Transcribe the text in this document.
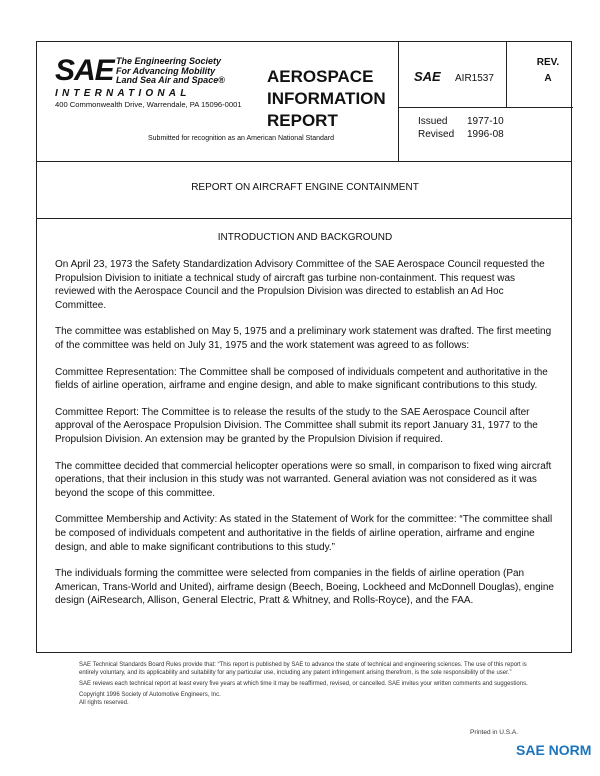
SAE The Engineering Society
For Advancing Mobility
Land Sea Air and Space®
INTERNATIONAL
400 Commonwealth Drive, Warrendale, PA 15096-0001
AEROSPACE
INFORMATION
REPORT
Submitted for recognition as an American National Standard
SAE AIR1537
REV.
A
Issued 1977-10
Revised 1996-08
REPORT ON AIRCRAFT ENGINE CONTAINMENT
INTRODUCTION AND BACKGROUND

On April 23, 1973 the Safety Standardization Advisory Committee of the SAE Aerospace Council requested the Propulsion Division to initiate a technical study of aircraft gas turbine non-containment. This request was reviewed with the Aerospace Council and the Propulsion Division was directed to establish an Ad Hoc Committee.

The committee was established on May 5, 1975 and a preliminary work statement was drafted. The first meeting of the committee was held on July 31, 1975 and the work statement was agreed to as follows:

Committee Representation: The Committee shall be composed of individuals competent and authoritative in the fields of airline operation, airframe and engine design, and able to make significant contributions to this study.

Committee Report: The Committee is to release the results of the study to the SAE Aerospace Council after approval of the Aerospace Propulsion Division. The Committee shall submit its report January 31, 1977 to the Propulsion Division. An extension may be granted by the Propulsion Division if required.

The committee decided that commercial helicopter operations were so small, in comparison to fixed wing aircraft operations, that their inclusion in this study was not warranted. General aviation was not considered as it was beyond the scope of this committee.

Committee Membership and Activity: As stated in the Statement of Work for the committee: “The committee shall be composed of individuals competent and authoritative in the fields of airline operation, airframe and engine design, and able to make significant contributions to this study.”

The individuals forming the committee were selected from companies in the fields of airline operation (Pan American, Trans-World and United), airframe design (Beech, Boeing, Lockheed and McDonnell Douglas), engine design (AiResearch, Allison, General Electric, Pratt & Whitney, and Rolls-Royce), and the FAA.

SAE Technical Standards Board Rules provide that: “This report is published by SAE to advance the state of technical and engineering sciences. The use of this report is entirely voluntary, and its applicability and suitability for any particular use, including any patent infringement arising therefrom, is the sole responsibility of the user.”

SAE reviews each technical report at least every five years at which time it may be reaffirmed, revised, or cancelled. SAE invites your written comments and suggestions.

Copyright 1996 Society of Automotive Engineers, Inc.
All rights reserved.
Printed in U.S.A.
SAE NORM
